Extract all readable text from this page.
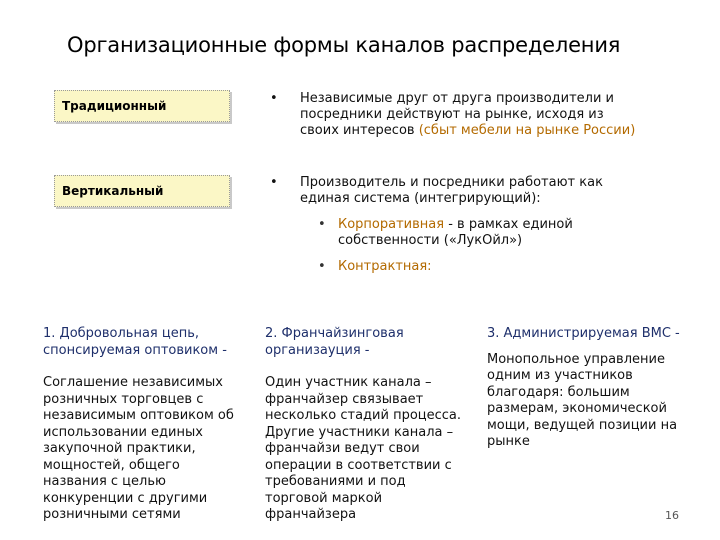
Организационные формы каналов распределения
Традиционный
Вертикальный
• Независимые друг от друга производители и посредники действуют на рынке, исходя из своих интересов (сбыт мебели на рынке России)
• Производитель и посредники работают как единая система (интегрирующий):
• Корпоративная - в рамках единой собственности («ЛукОйл»)
• Контрактная:
1. Добровольная цепь, спонсируемая оптовиком -
Соглашение независимых розничных торговцев с независимым оптовиком об использовании единых закупочной практики, мощностей, общего названия с целью конкуренции с другими розничными сетями
2. Франчайзинговая организауция -
Один участник канала – франчайзер связывает несколько стадий процесса. Другие участники канала – франчайзи ведут свои операции в соответствии с требованиями и под торговой маркой франчайзера
3. Администрируемая ВМС -
Монопольное управление одним из участников благодаря: большим размерам, экономической мощи, ведущей позиции на рынке
16
